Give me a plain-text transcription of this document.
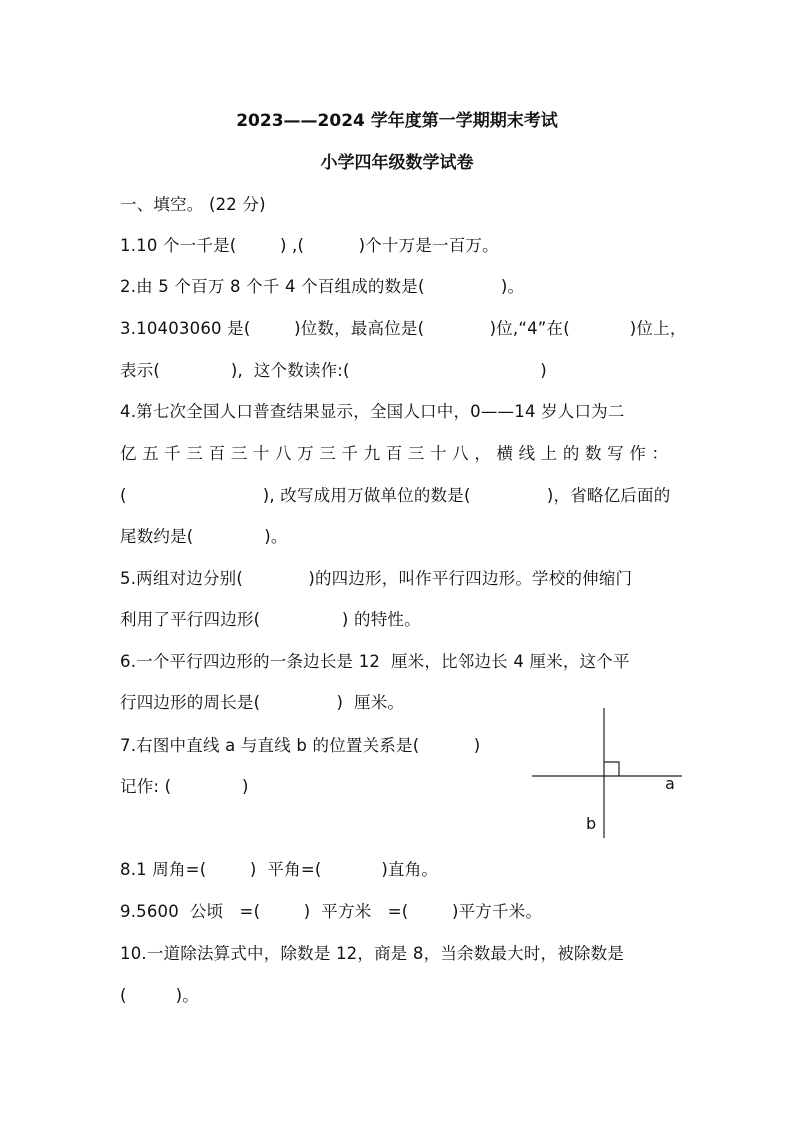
2023——2024 学年度第一学期期末考试
小学四年级数学试卷
一、填空。 (22 分)
1.10 个一千是(        ) ,(          )个十万是一百万。
2.由 5 个百万 8 个千 4 个百组成的数是(              )。
3.10403060 是(        )位数，最高位是(            )位,“4”在(           )位上，
表示(             ),  这个数读作:(                                   )
4.第七次全国人口普查结果显示，全国人口中，0——14 岁人口为二
亿 五 千 三 百 三 十 八 万 三 千 九 百 三 十 八 ， 横 线 上 的 数 写 作 ：
(                         ), 改写成用万做单位的数是(              )，省略亿后面的
尾数约是(             )。
5.两组对边分别(            )的四边形，叫作平行四边形。学校的伸缩门
利用了平行四边形(               ) 的特性。
6.一个平行四边形的一条边长是 12  厘米，比邻边长 4 厘米，这个平
行四边形的周长是(              )  厘米。
7.右图中直线 a 与直线 b 的位置关系是(          )
记作: (             )
8.1 周角=(        )  平角=(           )直角。
9.5600  公顷   =(        )  平方米   =(        )平方千米。
10.一道除法算式中，除数是 12，商是 8，当余数最大时，被除数是
(         )。
a
b
